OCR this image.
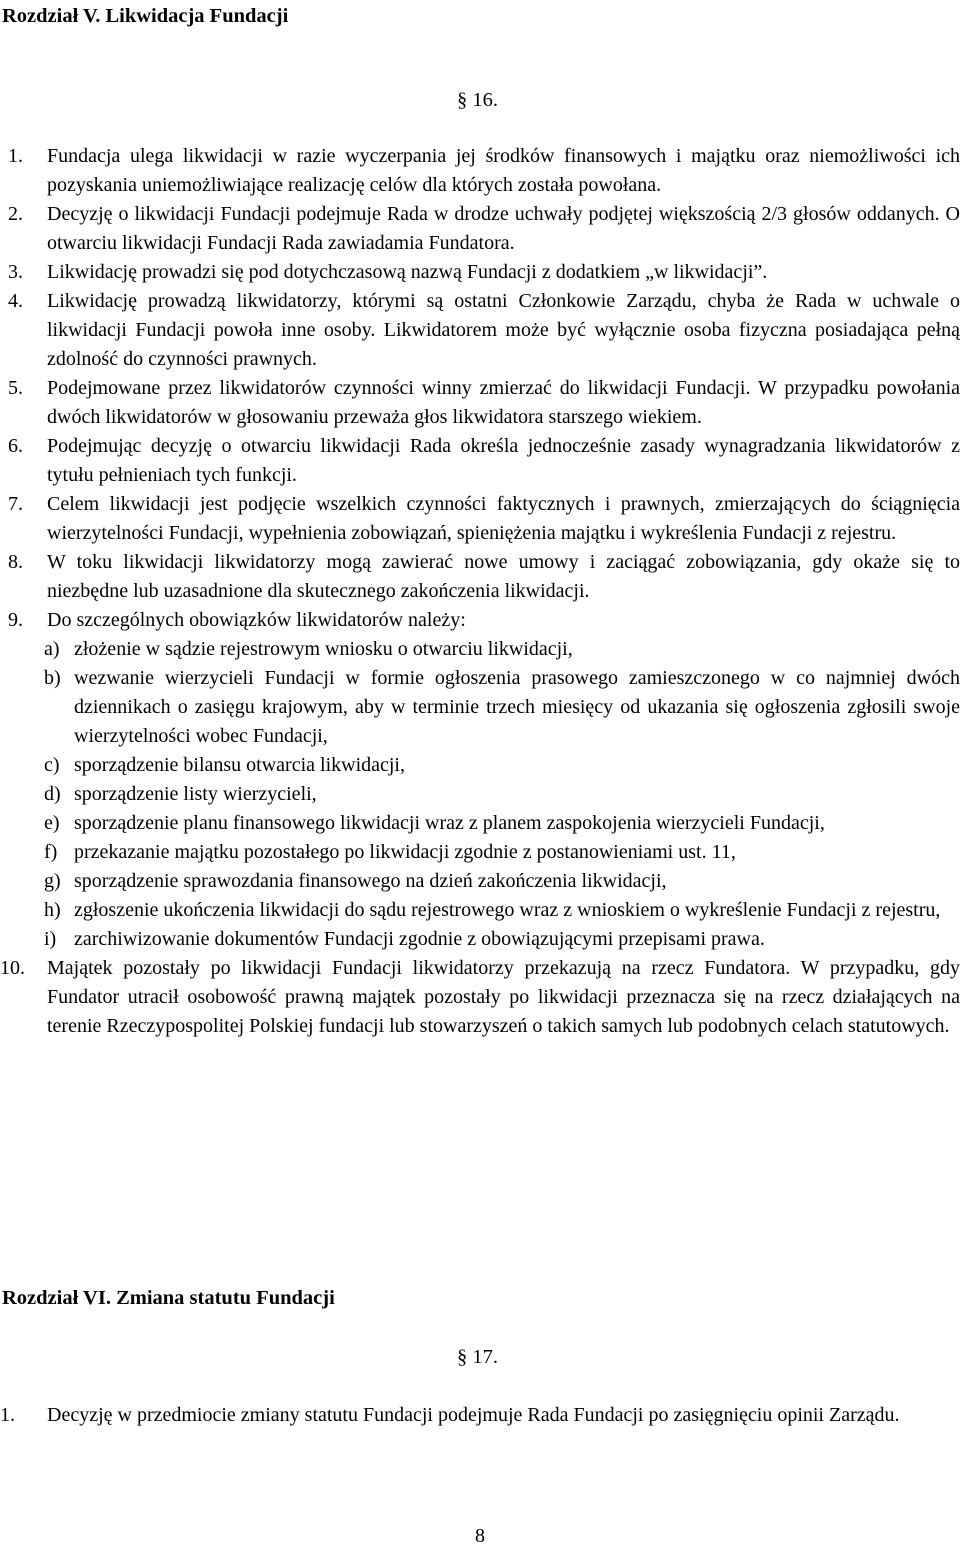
Rozdział V. Likwidacja Fundacji
§ 16.
1. Fundacja ulega likwidacji w razie wyczerpania jej środków finansowych i majątku oraz niemożliwości ich pozyskania uniemożliwiające realizację celów dla których została powołana.
2. Decyzję o likwidacji Fundacji podejmuje Rada w drodze uchwały podjętej większością 2/3 głosów oddanych. O otwarciu likwidacji Fundacji Rada zawiadamia Fundatora.
3. Likwidację prowadzi się pod dotychczasową nazwą Fundacji z dodatkiem „w likwidacji”.
4. Likwidację prowadzą likwidatorzy, którymi są ostatni Członkowie Zarządu, chyba że Rada w uchwale o likwidacji Fundacji powoła inne osoby. Likwidatorem może być wyłącznie osoba fizyczna posiadająca pełną zdolność do czynności prawnych.
5. Podejmowane przez likwidatorów czynności winny zmierzać do likwidacji Fundacji. W przypadku powołania dwóch likwidatorów w głosowaniu przeważa głos likwidatora starszego wiekiem.
6. Podejmując decyzję o otwarciu likwidacji Rada określa jednocześnie zasady wynagradzania likwidatorów z tytułu pełnieniach tych funkcji.
7. Celem likwidacji jest podjęcie wszelkich czynności faktycznych i prawnych, zmierzających do ściągnięcia wierzytelności Fundacji, wypełnienia zobowiązań, spieniężenia majątku i wykreślenia Fundacji z rejestru.
8. W toku likwidacji likwidatorzy mogą zawierać nowe umowy i zaciągać zobowiązania, gdy okaże się to niezbędne lub uzasadnione dla skutecznego zakończenia likwidacji.
9. Do szczególnych obowiązków likwidatorów należy:
a) złożenie w sądzie rejestrowym wniosku o otwarciu likwidacji,
b) wezwanie wierzycieli Fundacji w formie ogłoszenia prasowego zamieszczonego w co najmniej dwóch dziennikach o zasięgu krajowym, aby w terminie trzech miesięcy od ukazania się ogłoszenia zgłosili swoje wierzytelności wobec Fundacji,
c) sporządzenie bilansu otwarcia likwidacji,
d) sporządzenie listy wierzycieli,
e) sporządzenie planu finansowego likwidacji wraz z planem zaspokojenia wierzycieli Fundacji,
f) przekazanie majątku pozostałego po likwidacji zgodnie z postanowieniami ust. 11,
g) sporządzenie sprawozdania finansowego na dzień zakończenia likwidacji,
h) zgłoszenie ukończenia likwidacji do sądu rejestrowego wraz z wnioskiem o wykreślenie Fundacji z rejestru,
i) zarchiwizowanie dokumentów Fundacji zgodnie z obowiązującymi przepisami prawa.
10. Majątek pozostały po likwidacji Fundacji likwidatorzy przekazują na rzecz Fundatora. W przypadku, gdy Fundator utracił osobowość prawną majątek pozostały po likwidacji przeznacza się na rzecz działających na terenie Rzeczypospolitej Polskiej fundacji lub stowarzyszeń o takich samych lub podobnych celach statutowych.
Rozdział VI. Zmiana statutu Fundacji
§ 17.
1. Decyzję w przedmiocie zmiany statutu Fundacji podejmuje Rada Fundacji po zasięgnięciu opinii Zarządu.
8
